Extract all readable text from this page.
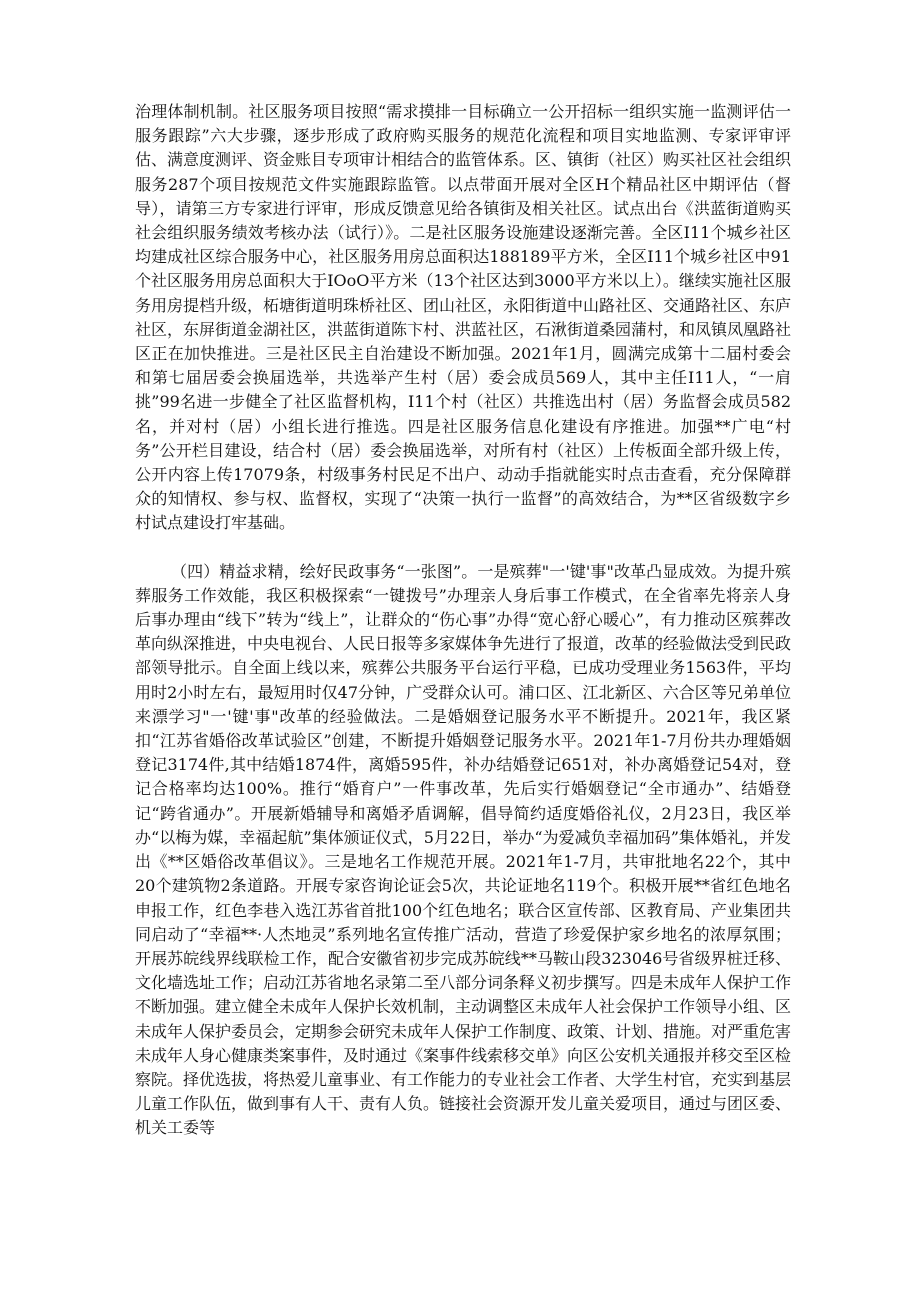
治理体制机制。社区服务项目按照“需求摸排一目标确立一公开招标一组织实施一监测评估一服务跟踪”六大步骤，逐步形成了政府购买服务的规范化流程和项目实地监测、专家评审评估、满意度测评、资金账目专项审计相结合的监管体系。区、镇街（社区）购买社区社会组织服务287个项目按规范文件实施跟踪监管。以点带面开展对全区H个精品社区中期评估（督导），请第三方专家进行评审，形成反馈意见给各镇街及相关社区。试点出台《洪蓝街道购买社会组织服务绩效考核办法（试行）》。二是社区服务设施建设逐渐完善。全区I11个城乡社区均建成社区综合服务中心，社区服务用房总面积达188189平方米，全区I11个城乡社区中91个社区服务用房总面积大于IOoO平方米（13个社区达到3000平方米以上）。继续实施社区服务用房提档升级，柘塘街道明珠桥社区、团山社区，永阳街道中山路社区、交通路社区、东庐社区，东屏街道金湖社区，洪蓝街道陈卞村、洪蓝社区，石湫街道桑园蒲村，和凤镇凤凰路社区正在加快推进。三是社区民主自治建设不断加强。2021年1月，圆满完成第十二届村委会和第七届居委会换届选举，共选举产生村（居）委会成员569人，其中主任I11人，“一肩挑”99名进一步健全了社区监督机构，I11个村（社区）共推选出村（居）务监督会成员582名，并对村（居）小组长进行推选。四是社区服务信息化建设有序推进。加强**广电“村务”公开栏目建设，结合村（居）委会换届选举，对所有村（社区）上传板面全部升级上传，公开内容上传17079条，村级事务村民足不出户、动动手指就能实时点击查看，充分保障群众的知情权、参与权、监督权，实现了“决策一执行一监督”的高效结合，为**区省级数字乡村试点建设打牢基础。

（四）精益求精，绘好民政事务“一张图”。一是殡葬"一'键'事"改革凸显成效。为提升殡葬服务工作效能，我区积极探索“一键拨号”办理亲人身后事工作模式，在全省率先将亲人身后事办理由“线下”转为“线上”，让群众的“伤心事”办得“宽心舒心暖心”，有力推动区殡葬改革向纵深推进，中央电视台、人民日报等多家媒体争先进行了报道，改革的经验做法受到民政部领导批示。自全面上线以来，殡葬公共服务平台运行平稳，已成功受理业务1563件，平均用时2小时左右，最短用时仅47分钟，广受群众认可。浦口区、江北新区、六合区等兄弟单位来漂学习"一'键'事"改革的经验做法。二是婚姻登记服务水平不断提升。2021年，我区紧扣“江苏省婚俗改革试验区”创建，不断提升婚姻登记服务水平。2021年1-7月份共办理婚姻登记3174件,其中结婚1874件，离婚595件，补办结婚登记651对，补办离婚登记54对，登记合格率均达100%。推行“婚育户”一件事改革，先后实行婚姻登记“全市通办”、结婚登记“跨省通办”。开展新婚辅导和离婚矛盾调解，倡导简约适度婚俗礼仪，2月23日，我区举办“以梅为媒，幸福起航”集体颁证仪式，5月22日，举办“为爱减负幸福加码”集体婚礼，并发出《**区婚俗改革倡议》。三是地名工作规范开展。2021年1-7月，共审批地名22个，其中20个建筑物2条道路。开展专家咨询论证会5次，共论证地名119个。积极开展**省红色地名申报工作，红色李巷入选江苏省首批100个红色地名；联合区宣传部、区教育局、产业集团共同启动了“幸福**·人杰地灵”系列地名宣传推广活动，营造了珍爱保护家乡地名的浓厚氛围；开展苏皖线界线联检工作，配合安徽省初步完成苏皖线**马鞍山段323046号省级界桩迁移、文化墙选址工作；启动江苏省地名录第二至八部分词条释义初步撰写。四是未成年人保护工作不断加强。建立健全未成年人保护长效机制，主动调整区未成年人社会保护工作领导小组、区未成年人保护委员会，定期参会研究未成年人保护工作制度、政策、计划、措施。对严重危害未成年人身心健康类案事件，及时通过《案事件线索移交单》向区公安机关通报并移交至区检察院。择优选拔，将热爱儿童事业、有工作能力的专业社会工作者、大学生村官，充实到基层儿童工作队伍，做到事有人干、责有人负。链接社会资源开发儿童关爱项目，通过与团区委、机关工委等
